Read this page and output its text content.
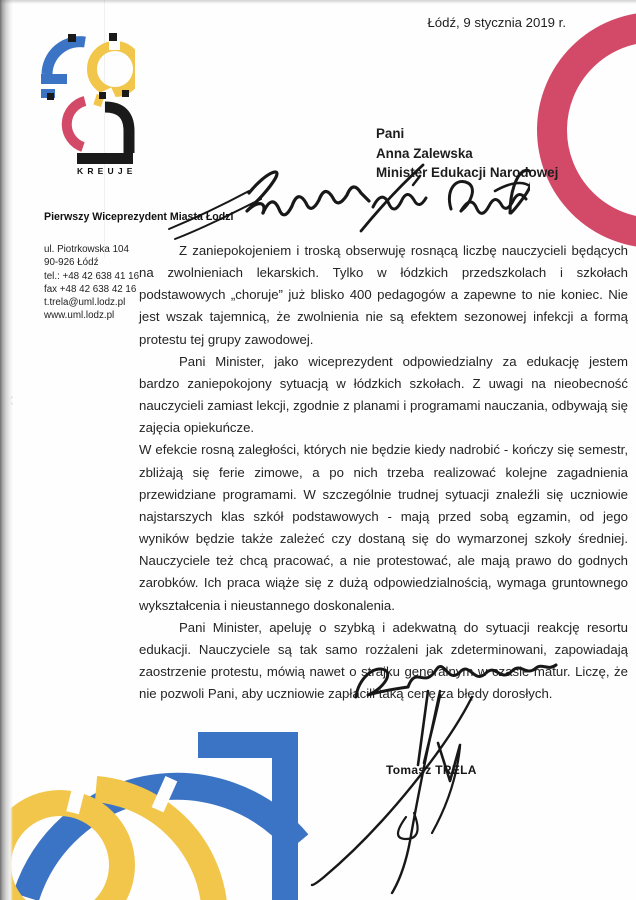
Łódź, 9 stycznia 2019 r.
KREUJE
Pani
Anna Zalewska
Minister Edukacji Narodowej
Pierwszy Wiceprezydent Miasta Łodzi
ul. Piotrkowska 104
90-926 Łódź
tel.: +48 42 638 41 16
fax +48 42 638 42 16
t.trela@uml.lodz.pl
www.uml.lodz.pl

Z zaniepokojeniem i troską obserwuję rosnącą liczbę nauczycieli będących na zwolnieniach lekarskich. Tylko w łódzkich przedszkolach i szkołach podstawowych „choruje” już blisko 400 pedagogów a zapewne to nie koniec. Nie jest wszak tajemnicą, że zwolnienia nie są efektem sezonowej infekcji a formą protestu tej grupy zawodowej.

Pani Minister, jako wiceprezydent odpowiedzialny za edukację jestem bardzo zaniepokojony sytuacją w łódzkich szkołach. Z uwagi na nieobecność nauczycieli zamiast lekcji, zgodnie z planami i programami nauczania, odbywają się zajęcia opiekuńcze.

W efekcie rosną zaległości, których nie będzie kiedy nadrobić - kończy się semestr, zbliżają się ferie zimowe, a po nich trzeba realizować kolejne zagadnienia przewidziane programami. W szczególnie trudnej sytuacji znaleźli się uczniowie najstarszych klas szkół podstawowych - mają przed sobą egzamin, od jego wyników będzie także zależeć czy dostaną się do wymarzonej szkoły średniej. Nauczyciele też chcą pracować, a nie protestować, ale mają prawo do godnych zarobków. Ich praca wiąże się z dużą odpowiedzialnością, wymaga gruntownego wykształcenia i nieustannego doskonalenia.

Pani Minister, apeluję o szybką i adekwatną do sytuacji reakcję resortu edukacji. Nauczyciele są tak samo rozżaleni jak zdeterminowani, zapowiadają zaostrzenie protestu, mówią nawet o strajku generalnym w czasie matur. Liczę, że nie pozwoli Pani, aby uczniowie zapłacili taką cenę za błędy dorosłych.

Tomasz TRELA
